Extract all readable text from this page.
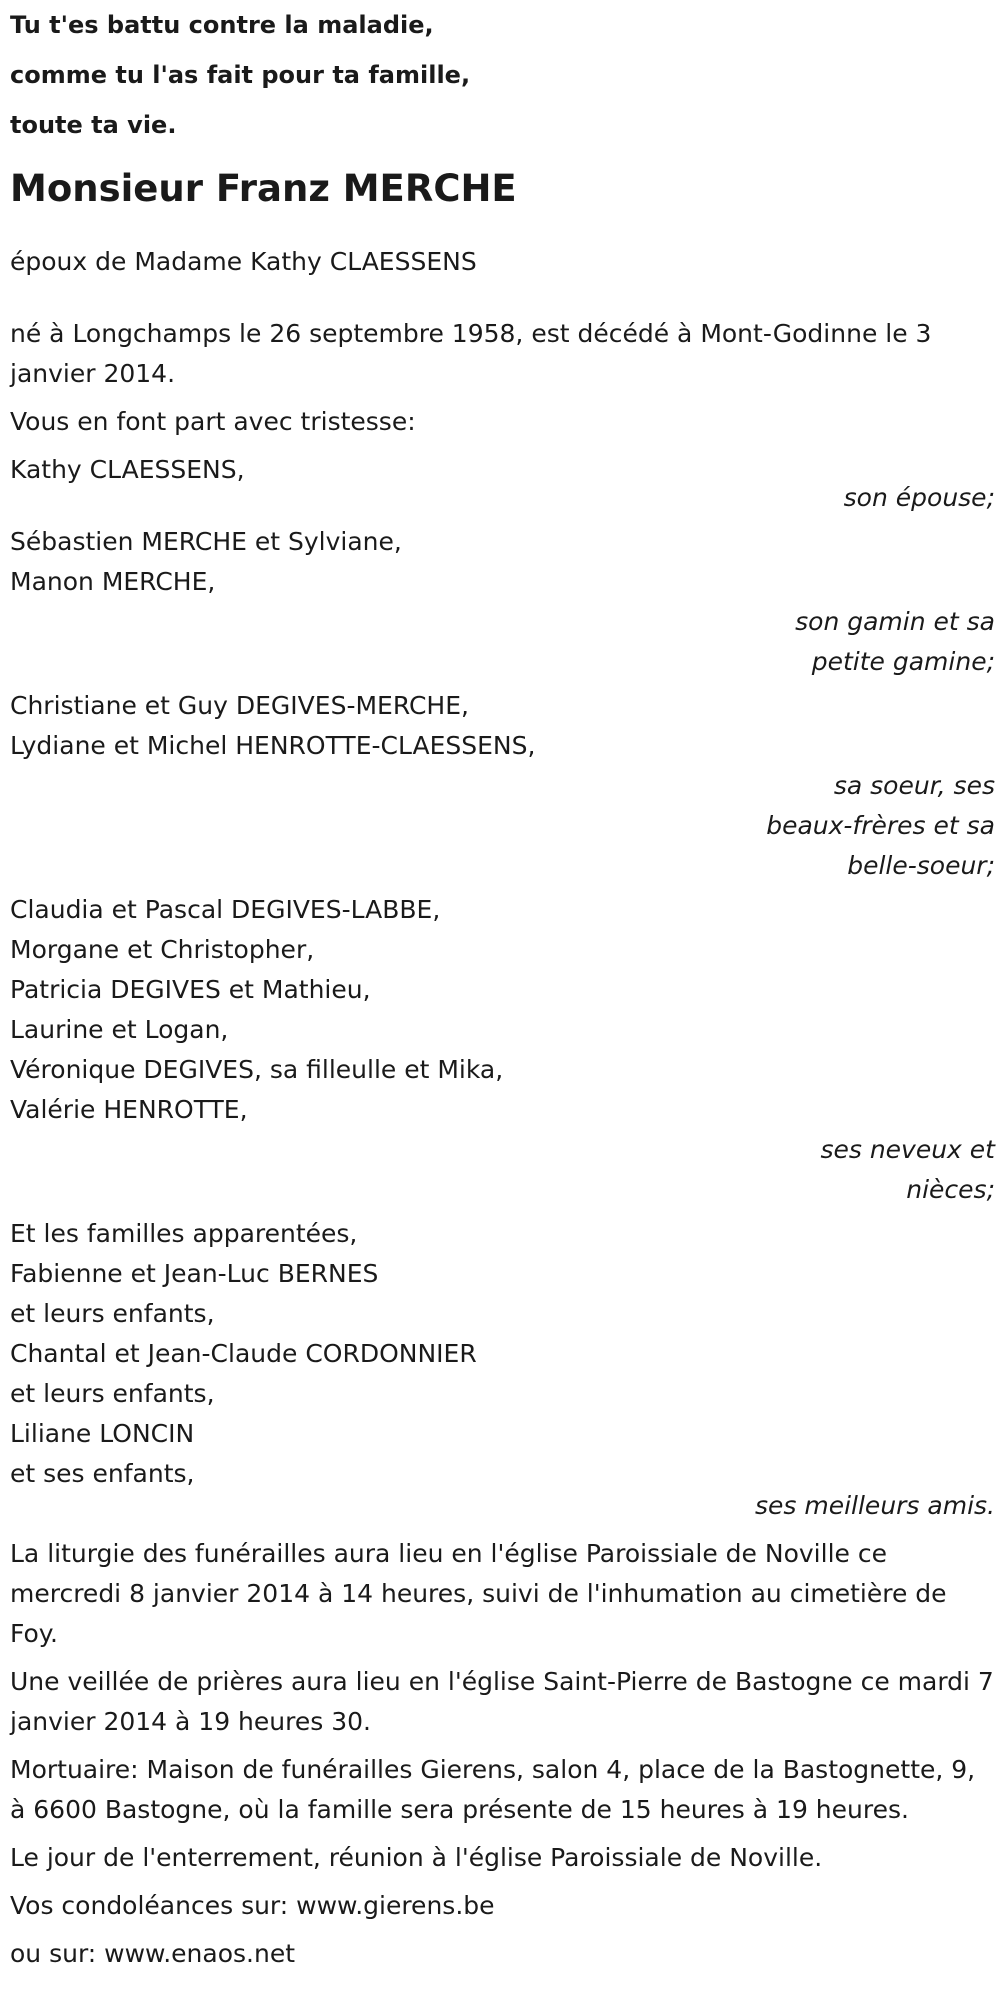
Tu t'es battu contre la maladie,
comme tu l'as fait pour ta famille,
toute ta vie.
Monsieur Franz MERCHE

époux de Madame Kathy CLAESSENS

né à Longchamps le 26 septembre 1958, est décédé à Mont-Godinne le 3 janvier 2014.

Vous en font part avec tristesse:

Kathy CLAESSENS,
son épouse;
Sébastien MERCHE et Sylviane,
Manon MERCHE,
son gamin et sa petite gamine;
Christiane et Guy DEGIVES-MERCHE,
Lydiane et Michel HENROTTE-CLAESSENS,
sa soeur, ses beaux-frères et sa belle-soeur;
Claudia et Pascal DEGIVES-LABBE,
Morgane et Christopher,
Patricia DEGIVES et Mathieu,
Laurine et Logan,
Véronique DEGIVES, sa filleulle et Mika,
Valérie HENROTTE,
ses neveux et nièces;
Et les familles apparentées,
Fabienne et Jean-Luc BERNES
et leurs enfants,
Chantal et Jean-Claude CORDONNIER
et leurs enfants,
Liliane LONCIN
et ses enfants,
ses meilleurs amis.

La liturgie des funérailles aura lieu en l'église Paroissiale de Noville ce mercredi 8 janvier 2014 à 14 heures, suivi de l'inhumation au cimetière de Foy.

Une veillée de prières aura lieu en l'église Saint-Pierre de Bastogne ce mardi 7 janvier 2014 à 19 heures 30.

Mortuaire: Maison de funérailles Gierens, salon 4, place de la Bastognette, 9, à 6600 Bastogne, où la famille sera présente de 15 heures à 19 heures.

Le jour de l'enterrement, réunion à l'église Paroissiale de Noville.

Vos condoléances sur: www.gierens.be

ou sur: www.enaos.net
